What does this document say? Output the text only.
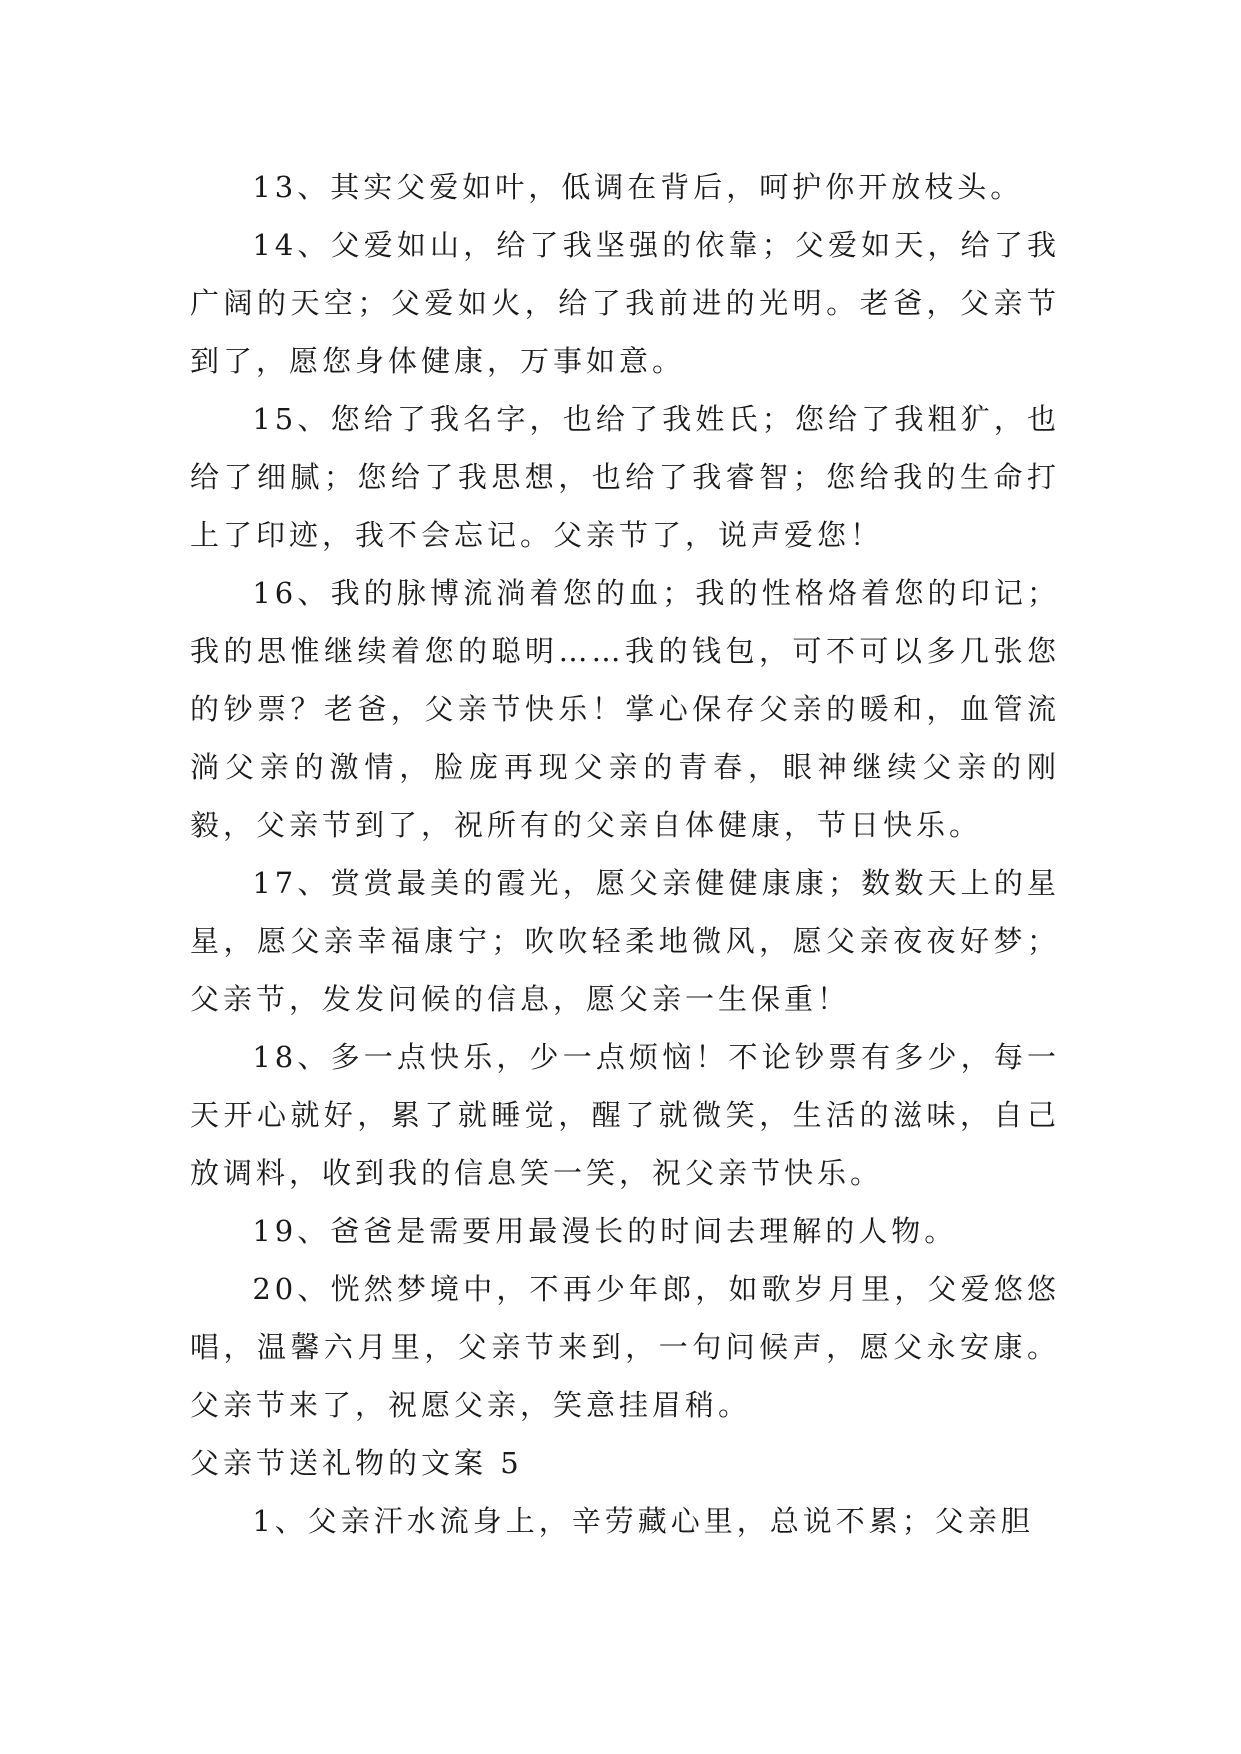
13、其实父爱如叶，低调在背后，呵护你开放枝头。

14、父爱如山，给了我坚强的依靠；父爱如天，给了我广阔的天空；父爱如火，给了我前进的光明。老爸，父亲节到了，愿您身体健康，万事如意。

15、您给了我名字，也给了我姓氏；您给了我粗犷，也给了细腻；您给了我思想，也给了我睿智；您给我的生命打上了印迹，我不会忘记。父亲节了，说声爱您！

16、我的脉博流淌着您的血；我的性格烙着您的印记；我的思惟继续着您的聪明……我的钱包，可不可以多几张您的钞票？老爸，父亲节快乐！掌心保存父亲的暖和，血管流淌父亲的激情，脸庞再现父亲的青春，眼神继续父亲的刚毅，父亲节到了，祝所有的父亲自体健康，节日快乐。

17、赏赏最美的霞光，愿父亲健健康康；数数天上的星星，愿父亲幸福康宁；吹吹轻柔地微风，愿父亲夜夜好梦；父亲节，发发问候的信息，愿父亲一生保重！

18、多一点快乐，少一点烦恼！不论钞票有多少，每一天开心就好，累了就睡觉，醒了就微笑，生活的滋味，自己放调料，收到我的信息笑一笑，祝父亲节快乐。

19、爸爸是需要用最漫长的时间去理解的人物。

20、恍然梦境中，不再少年郎，如歌岁月里，父爱悠悠唱，温馨六月里，父亲节来到，一句问候声，愿父永安康。父亲节来了，祝愿父亲，笑意挂眉稍。

父亲节送礼物的文案 5

1、父亲汗水流身上，辛劳藏心里，总说不累；父亲胆
